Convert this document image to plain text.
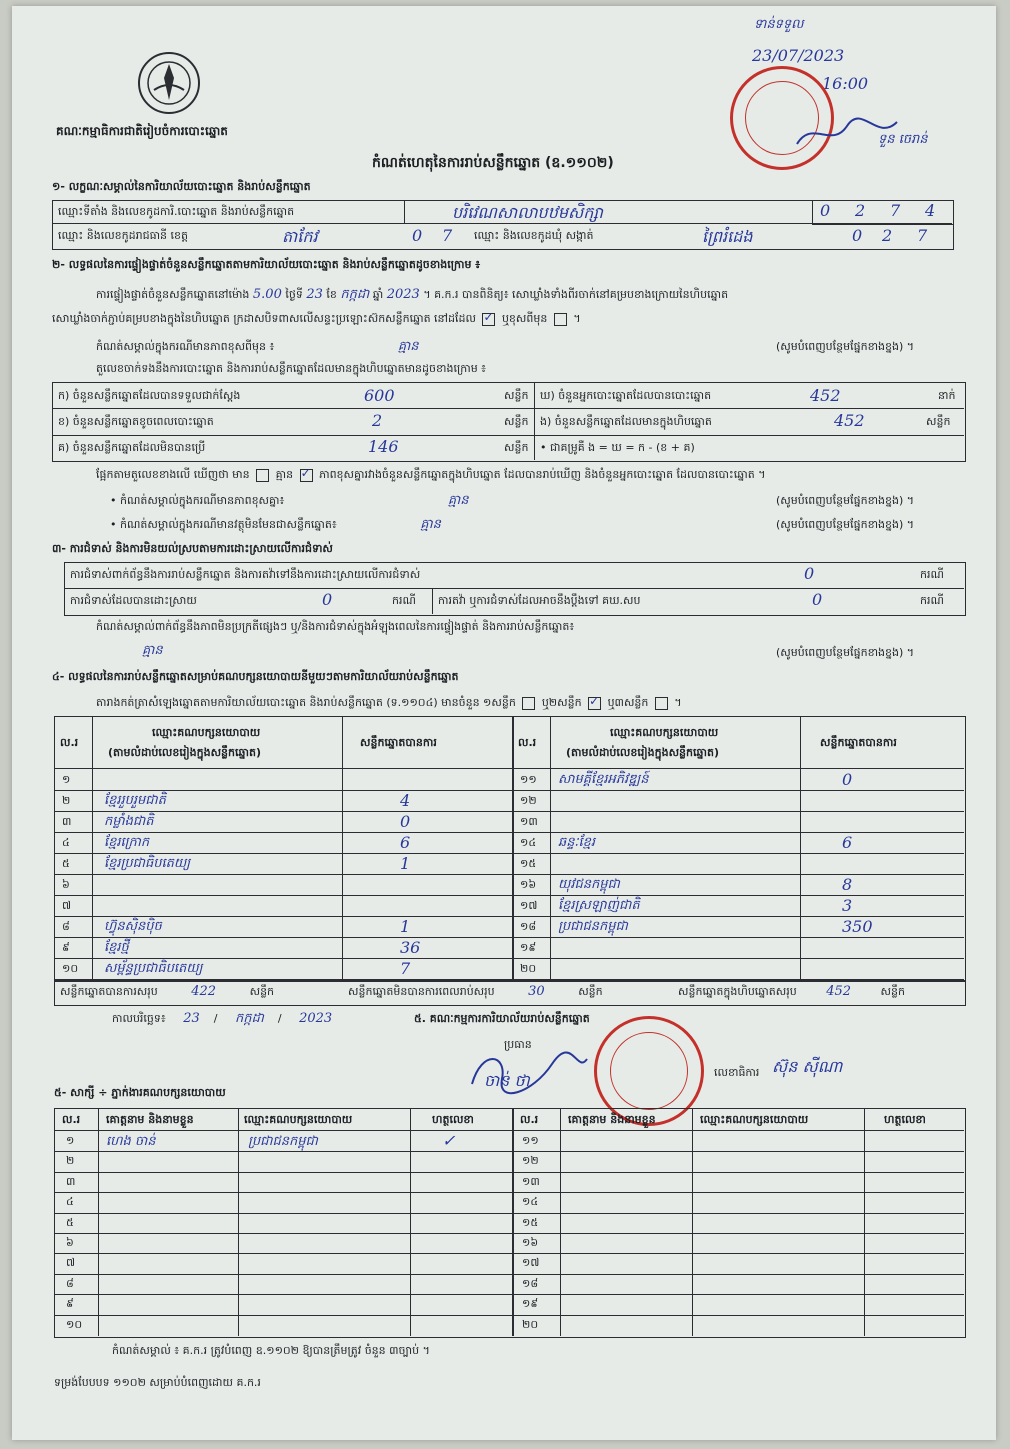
ទាន់ទទួល
23/07/2023
16:00
ទួន ចេរាន់
គណៈកម្មាធិការជាតិរៀបចំការបោះឆ្នោត
កំណត់ហេតុនៃការរាប់សន្លឹកឆ្នោត (ឧ.១១០២)
១- លក្ខណៈសម្គាល់នៃការិយាល័យបោះឆ្នោត និងរាប់សន្លឹកឆ្នោត
ឈ្មោះទីតាំង និងលេខកូដការិ.បោះឆ្នោត និងរាប់សន្លឹកឆ្នោត	បរិវេណសាលាបឋមសិក្សា	0 2 7 4
ឈ្មោះ និងលេខកូដរាជធានី ខេត្ត	តាកែវ	0 7 ឈ្មោះ និងលេខកូដឃុំ សង្កាត់	ព្រៃរំដេង	0 2 7
២- លទ្ធផលនៃការផ្ទៀងផ្ទាត់ចំនួនសន្លឹកឆ្នោតតាមការិយាល័យបោះឆ្នោត និងរាប់សន្លឹកឆ្នោតដូចខាងក្រោម ៖
ការផ្ទៀងផ្ទាត់ចំនួនសន្លឹកឆ្នោតនៅម៉ោង 5.00 ថ្ងៃទី 23 ខែ កក្កដា ឆ្នាំ 2023 ។ គ.ក.រ បានពិនិត្យ៖ សោឃ្លាំងទាំងពីរចាក់នៅគម្របខាងក្រោយនៃហិបឆ្នោត
សោឃ្លាំងចាក់ភ្ជាប់គម្របខាងក្នុងនៃហិបឆ្នោត ក្រដាសបិទពាសលើសន្ទះប្រឡោះស៊កសន្លឹកឆ្នោត នៅដដែល ✓ ឬខុសពីមុន  ។
កំណត់សម្គាល់ក្នុងករណីមានភាពខុសពីមុន ៖	គ្មាន	(សូមបំពេញបន្ថែមផ្នែកខាងខ្នង) ។
តួលេខចាក់ទងនឹងការបោះឆ្នោត និងការរាប់សន្លឹកឆ្នោតដែលមានក្នុងហិបឆ្នោតមានដូចខាងក្រោម ៖
ក) ចំនួនសន្លឹកឆ្នោតដែលបានទទួលជាក់ស្ដែង	600	សន្លឹក
ខ) ចំនួនសន្លឹកឆ្នោតខូចពេលបោះឆ្នោត	2	សន្លឹក
គ) ចំនួនសន្លឹកឆ្នោតដែលមិនបានប្រើ	146	សន្លឹក
ឃ) ចំនួនអ្នកបោះឆ្នោតដែលបានបោះឆ្នោត	452	នាក់
ង) ចំនួនសន្លឹកឆ្នោតដែលមានក្នុងហិបឆ្នោត	452	សន្លឹក
• ជាគម្រូគឺ ង = ឃ = ក - (ខ + គ)
ផ្អែកតាមតួលេខខាងលើ ឃើញថា មាន គ្មាន ✓ ភាពខុសគ្នារវាងចំនួនសន្លឹកឆ្នោតក្នុងហិបឆ្នោត ដែលបានរាប់ឃើញ និងចំនួនអ្នកបោះឆ្នោត ដែលបានបោះឆ្នោត ។
• កំណត់សម្គាល់ក្នុងករណីមានភាពខុសគ្នា៖	គ្មាន	(សូមបំពេញបន្ថែមផ្នែកខាងខ្នង) ។
• កំណត់សម្គាល់ក្នុងករណីមានវត្ថុមិនមែនជាសន្លឹកឆ្នោត៖	គ្មាន	(សូមបំពេញបន្ថែមផ្នែកខាងខ្នង) ។
៣- ការជំទាស់ និងការមិនយល់ស្របតាមការដោះស្រាយលើការជំទាស់
ការជំទាស់ពាក់ព័ន្ធនឹងការរាប់សន្លឹកឆ្នោត និងការតវ៉ាទៅនឹងការដោះស្រាយលើការជំទាស់	0	ករណី
ការជំទាស់ដែលបានដោះស្រាយ	0	ករណី ការតវ៉ា ឬការជំទាស់ដែលអាចនឹងប្ដឹងទៅ គឃ.សប	0	ករណី
កំណត់សម្គាល់ពាក់ព័ន្ធនឹងភាពមិនប្រក្រតីផ្សេងៗ ឬ/និងការជំទាស់ក្នុងអំឡុងពេលនៃការផ្ទៀងផ្ទាត់ និងការរាប់សន្លឹកឆ្នោត៖
គ្មាន	(សូមបំពេញបន្ថែមផ្នែកខាងខ្នង) ។
៤- លទ្ធផលនៃការរាប់សន្លឹកឆ្នោតសម្រាប់គណបក្សនយោបាយនីមួយៗតាមការិយាល័យរាប់សន្លឹកឆ្នោត
តារាងកត់ត្រាសំឡេងឆ្នោតតាមការិយាល័យបោះឆ្នោត និងរាប់សន្លឹកឆ្នោត (ទ.១១០៤) មានចំនួន ១សន្លឹក ឬ២សន្លឹក ✓ ឬ៣សន្លឹក  ។
ល.រ
ឈ្មោះគណបក្សនយោបាយ
(តាមលំដាប់លេខរៀងក្នុងសន្លឹកឆ្នោត)
សន្លឹកឆ្នោតបានការ	ល.រ
ឈ្មោះគណបក្សនយោបាយ
(តាមលំដាប់លេខរៀងក្នុងសន្លឹកឆ្នោត)
សន្លឹកឆ្នោតបានការ
១
២	ខ្មែររួបរួមជាតិ	4
៣	កម្លាំងជាតិ	0
៤	ខ្មែរក្រោក	6
៥	ខ្មែរប្រជាធិបតេយ្យ	1
៦
៧
៨	ហ៊្វុនស៊ិនប៉ិច	1
៩	ខ្មែរថ្មី	36
១០ សម្ព័ន្ធប្រជាធិបតេយ្យ	7
១១ សាមគ្គីខ្មែរអភិវឌ្ឍន៍	0
១២
១៣
១៤ ឆន្ទៈខ្មែរ	6
១៥
១៦ យុវជនកម្ពុជា	8
១៧ ខ្មែរស្រឡាញ់ជាតិ	3
១៨ ប្រជាជនកម្ពុជា	350
១៩
២០
សន្លឹកឆ្នោតបានការសរុប	422	សន្លឹក	សន្លឹកឆ្នោតមិនបានការពេលរាប់សរុប	30	សន្លឹក	សន្លឹកឆ្នោតក្នុងហិបឆ្នោតសរុប 452	សន្លឹក
កាលបរិច្ឆេទ៖ 23 / កក្កដា / 2023	៥. គណៈកម្មការការិយាល័យរាប់សន្លឹកឆ្នោត
ប្រធាន
ចាន់ ថា	លេខាធិការ ស៊ុន ស៊ីណា
៥- សាក្សី ÷ ភ្នាក់ងារគណបក្សនយោបាយ
ល.រ គោត្តនាម និងនាមខ្លួន	ឈ្មោះគណបក្សនយោបាយ	ហត្ថលេខា	ល.រ	គោត្តនាម និងនាមខ្លួន	ឈ្មោះគណបក្សនយោបាយ	ហត្ថលេខា
១ ហេង ចាន់	ប្រជាជនកម្ពុជា	✓
២
៣
៤
៥
៦
៧
៨
៩
១០
១១
១២
១៣
១៤
១៥
១៦
១៧
១៨
១៩
២០
កំណត់សម្គាល់ ៖ គ.ក.រ ត្រូវបំពេញ ឧ.១១០២ ឱ្យបានត្រឹមត្រូវ ចំនួន ៣ច្បាប់ ។
ទម្រង់បែបបទ ១១០២ សម្រាប់បំពេញដោយ គ.ក.រ
